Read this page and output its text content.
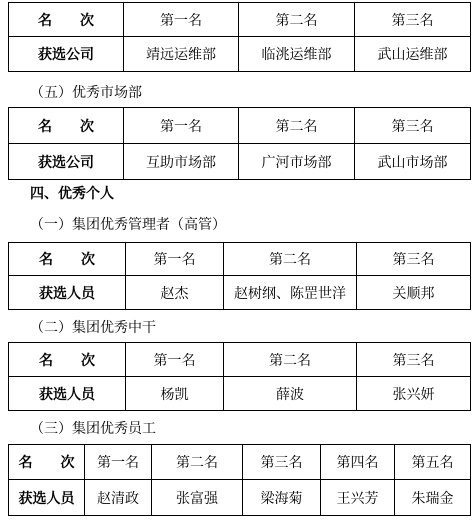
名　　次	第一名	第二名	第三名
获选公司	靖远运维部	临洮运维部	武山运维部
（五）优秀市场部
名　　次	第一名	第二名	第三名
获选公司	互助市场部	广河市场部	武山市场部
四、优秀个人
（一）集团优秀管理者（高管）
名　　次	第一名	第二名	第三名
获选人员	赵杰	赵树纲、陈罡世洋	关顺邦
（二）集团优秀中干
名　　次	第一名	第二名	第三名
获选人员	杨凯	薛波	张兴妍
（三）集团优秀员工
名　　次	第一名	第二名	第三名	第四名	第五名
获选人员	赵清政	张富强	梁海菊	王兴芳	朱瑞金
